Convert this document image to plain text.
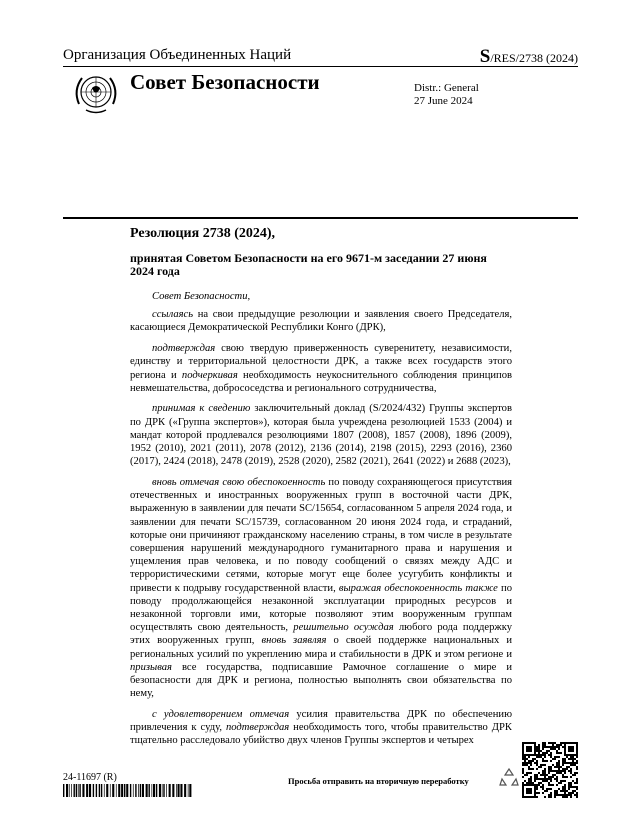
Организация Объединенных Наций	S/RES/2738 (2024)
Совет Безопасности	Distr.: General
27 June 2024
Резолюция 2738 (2024),
принятая Советом Безопасности на его 9671-м заседании 27 июня 2024 года

Совет Безопасности,

ссылаясь на свои предыдущие резолюции и заявления своего Председателя, касающиеся Демократической Республики Конго (ДРК),

подтверждая свою твердую приверженность суверенитету, независимости, единству и территориальной целостности ДРК, а также всех государств этого региона и подчеркивая необходимость неукоснительного соблюдения принципов невмешательства, добрососедства и регионального сотрудничества,

принимая к сведению заключительный доклад (S/2024/432) Группы экспертов по ДРК («Группа экспертов»), которая была учреждена резолюцией 1533 (2004) и мандат которой продлевался резолюциями 1807 (2008), 1857 (2008), 1896 (2009), 1952 (2010), 2021 (2011), 2078 (2012), 2136 (2014), 2198 (2015), 2293 (2016), 2360 (2017), 2424 (2018), 2478 (2019), 2528 (2020), 2582 (2021), 2641 (2022) и 2688 (2023),

вновь отмечая свою обеспокоенность по поводу сохраняющегося присутствия отечественных и иностранных вооруженных групп в восточной части ДРК, выраженную в заявлении для печати SC/15654, согласованном 5 апреля 2024 года, и заявлении для печати SC/15739, согласованном 20 июня 2024 года, и страданий, которые они причиняют гражданскому населению страны, в том числе в результате совершения нарушений международного гуманитарного права и нарушения и ущемления прав человека, и по поводу сообщений о связях между АДС и террористическими сетями, которые могут еще более усугубить конфликты и привести к подрыву государственной власти, выражая обеспокоенность также по поводу продолжающейся незаконной эксплуатации природных ресурсов и незаконной торговли ими, которые позволяют этим вооруженным группам осуществлять свою деятельность, решительно осуждая любого рода поддержку этих вооруженных групп, вновь заявляя о своей поддержке национальных и региональных усилий по укреплению мира и стабильности в ДРК и этом регионе и призывая все государства, подписавшие Рамочное соглашение о мире и безопасности для ДРК и региона, полностью выполнять свои обязательства по нему,

с удовлетворением отмечая усилия правительства ДРК по обеспечению привлечения к суду, подтверждая необходимость того, чтобы правительство ДРК тщательно расследовало убийство двух членов Группы экспертов и четырех

24-11697 (R)	Просьба отправить на вторичную переработку
